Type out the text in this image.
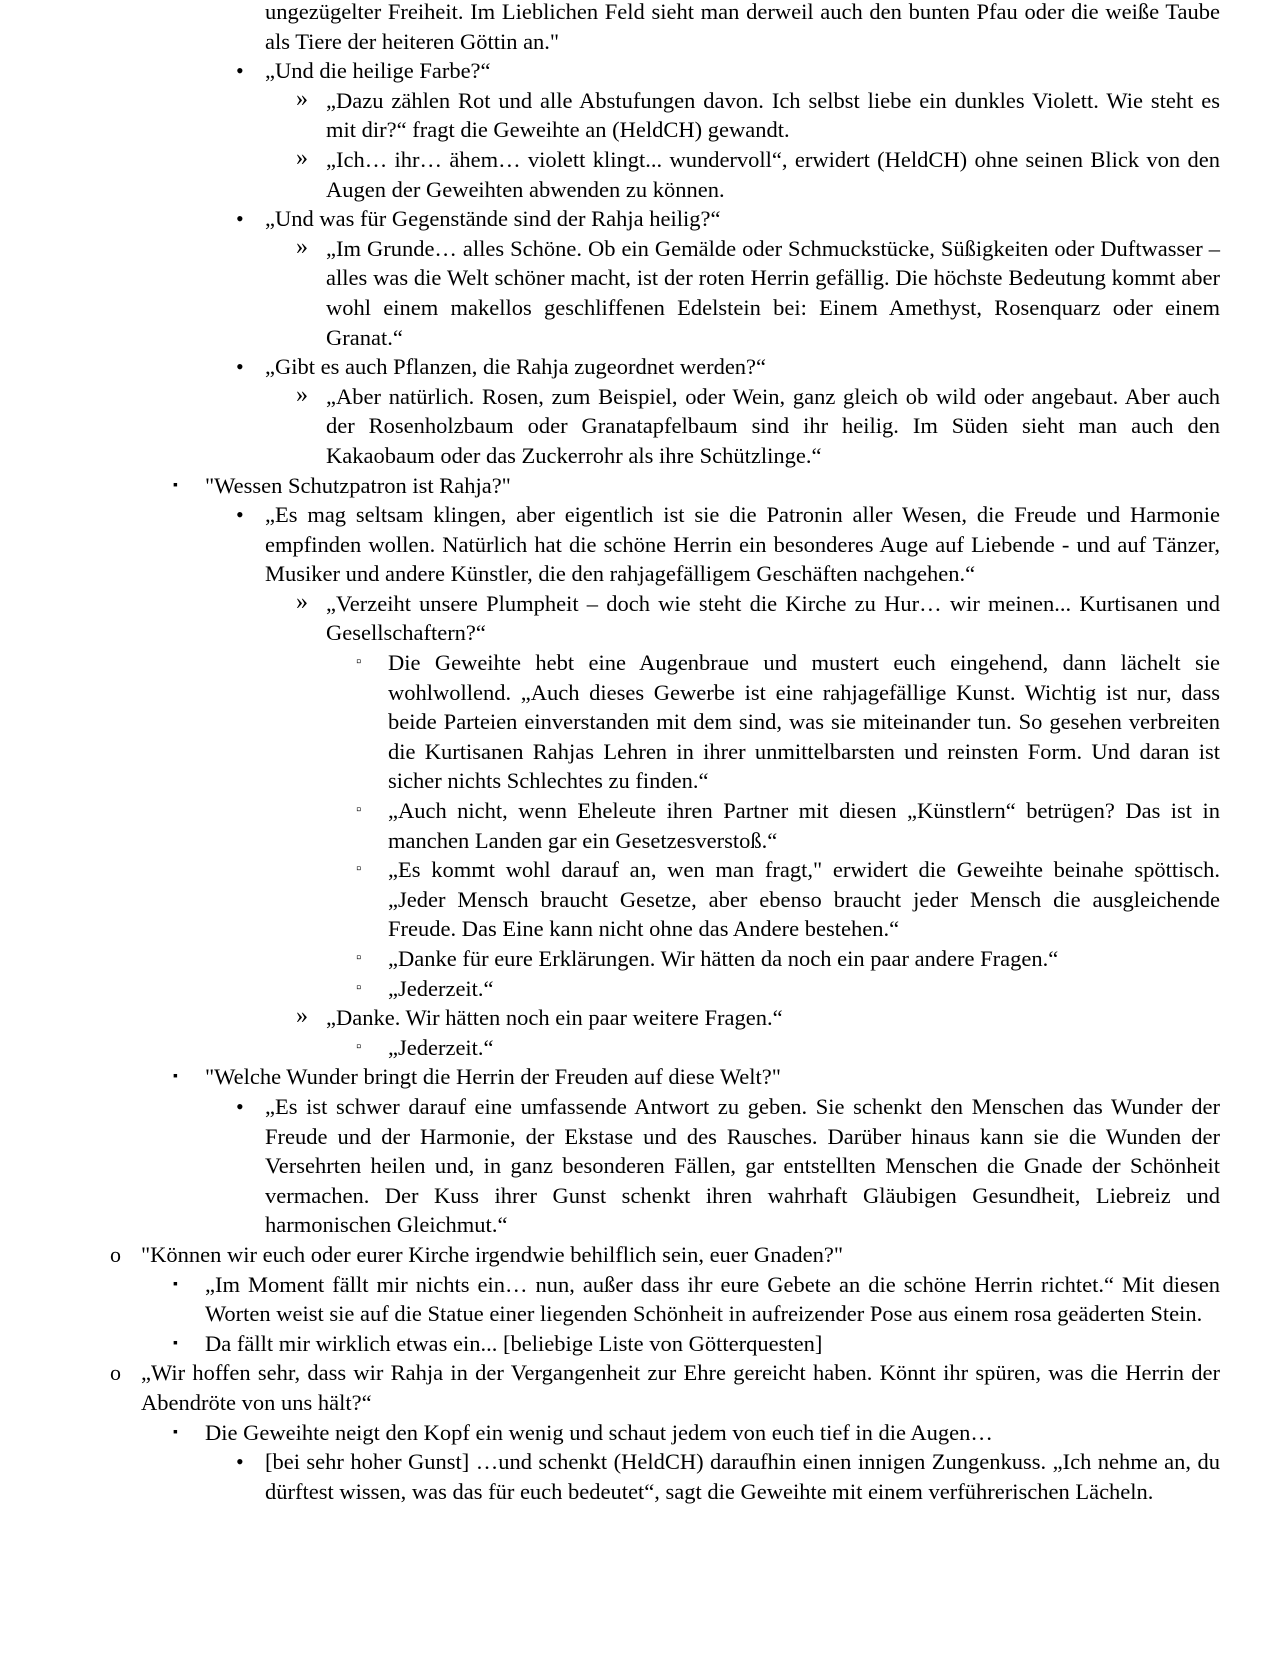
ungezügelter Freiheit. Im Lieblichen Feld sieht man derweil auch den bunten Pfau oder die weiße Taube als Tiere der heiteren Göttin an."
• „Und die heilige Farbe?“
» „Dazu zählen Rot und alle Abstufungen davon. Ich selbst liebe ein dunkles Violett. Wie steht es mit dir?“ fragt die Geweihte an (HeldCH) gewandt.
» „Ich… ihr… ähem… violett klingt... wundervoll“, erwidert (HeldCH) ohne seinen Blick von den Augen der Geweihten abwenden zu können.
• „Und was für Gegenstände sind der Rahja heilig?“
» „Im Grunde… alles Schöne. Ob ein Gemälde oder Schmuckstücke, Süßigkeiten oder Duftwasser – alles was die Welt schöner macht, ist der roten Herrin gefällig. Die höchste Bedeutung kommt aber wohl einem makellos geschliffenen Edelstein bei: Einem Amethyst, Rosenquarz oder einem Granat.“
• „Gibt es auch Pflanzen, die Rahja zugeordnet werden?“
» „Aber natürlich. Rosen, zum Beispiel, oder Wein, ganz gleich ob wild oder angebaut. Aber auch der Rosenholzbaum oder Granatapfelbaum sind ihr heilig. Im Süden sieht man auch den Kakaobaum oder das Zuckerrohr als ihre Schützlinge.“
▪ "Wessen Schutzpatron ist Rahja?"
• „Es mag seltsam klingen, aber eigentlich ist sie die Patronin aller Wesen, die Freude und Harmonie empfinden wollen. Natürlich hat die schöne Herrin ein besonderes Auge auf Liebende - und auf Tänzer, Musiker und andere Künstler, die den rahjagefälligem Geschäften nachgehen.“
» „Verzeiht unsere Plumpheit – doch wie steht die Kirche zu Hur… wir meinen... Kurtisanen und Gesellschaftern?“
▫ Die Geweihte hebt eine Augenbraue und mustert euch eingehend, dann lächelt sie wohlwollend. „Auch dieses Gewerbe ist eine rahjagefällige Kunst. Wichtig ist nur, dass beide Parteien einverstanden mit dem sind, was sie miteinander tun. So gesehen verbreiten die Kurtisanen Rahjas Lehren in ihrer unmittelbarsten und reinsten Form. Und daran ist sicher nichts Schlechtes zu finden.“
▫ „Auch nicht, wenn Eheleute ihren Partner mit diesen „Künstlern“ betrügen? Das ist in manchen Landen gar ein Gesetzesverstoß.“
▫ „Es kommt wohl darauf an, wen man fragt," erwidert die Geweihte beinahe spöttisch. „Jeder Mensch braucht Gesetze, aber ebenso braucht jeder Mensch die ausgleichende Freude. Das Eine kann nicht ohne das Andere bestehen.“
▫ „Danke für eure Erklärungen. Wir hätten da noch ein paar andere Fragen.“
▫ „Jederzeit.“
» „Danke. Wir hätten noch ein paar weitere Fragen.“
▫ „Jederzeit.“
▪ "Welche Wunder bringt die Herrin der Freuden auf diese Welt?"
• „Es ist schwer darauf eine umfassende Antwort zu geben. Sie schenkt den Menschen das Wunder der Freude und der Harmonie, der Ekstase und des Rausches. Darüber hinaus kann sie die Wunden der Versehrten heilen und, in ganz besonderen Fällen, gar entstellten Menschen die Gnade der Schönheit vermachen. Der Kuss ihrer Gunst schenkt ihren wahrhaft Gläubigen Gesundheit, Liebreiz und harmonischen Gleichmut.“
o "Können wir euch oder eurer Kirche irgendwie behilflich sein, euer Gnaden?"
▪ „Im Moment fällt mir nichts ein… nun, außer dass ihr eure Gebete an die schöne Herrin richtet.“ Mit diesen Worten weist sie auf die Statue einer liegenden Schönheit in aufreizender Pose aus einem rosa geäderten Stein.
▪ Da fällt mir wirklich etwas ein... [beliebige Liste von Götterquesten]
o „Wir hoffen sehr, dass wir Rahja in der Vergangenheit zur Ehre gereicht haben. Könnt ihr spüren, was die Herrin der Abendröte von uns hält?“
▪ Die Geweihte neigt den Kopf ein wenig und schaut jedem von euch tief in die Augen…
• [bei sehr hoher Gunst] …und schenkt (HeldCH) daraufhin einen innigen Zungenkuss. „Ich nehme an, du dürftest wissen, was das für euch bedeutet“, sagt die Geweihte mit einem verführerischen Lächeln.
